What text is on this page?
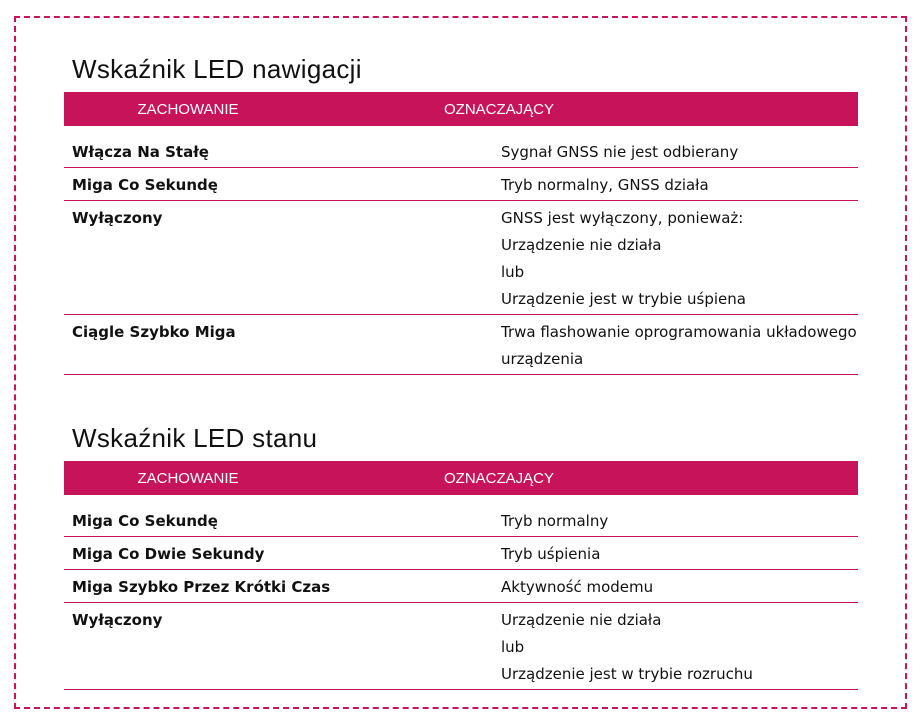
Wskaźnik LED nawigacji
ZACHOWANIE	OZNACZAJĄCY
Włącza Na Stałę	Sygnał GNSS nie jest odbierany
Miga Co Sekundę	Tryb normalny, GNSS działa
Wyłączony	GNSS jest wyłączony, ponieważ:
Urządzenie nie działa
lub
Urządzenie jest w trybie uśpiena
Ciągle Szybko Miga	Trwa flashowanie oprogramowania układowego
urządzenia
Wskaźnik LED stanu
ZACHOWANIE	OZNACZAJĄCY
Miga Co Sekundę	Tryb normalny
Miga Co Dwie Sekundy	Tryb uśpienia
Miga Szybko Przez Krótki Czas	Aktywność modemu
Wyłączony	Urządzenie nie działa
lub
Urządzenie jest w trybie rozruchu
